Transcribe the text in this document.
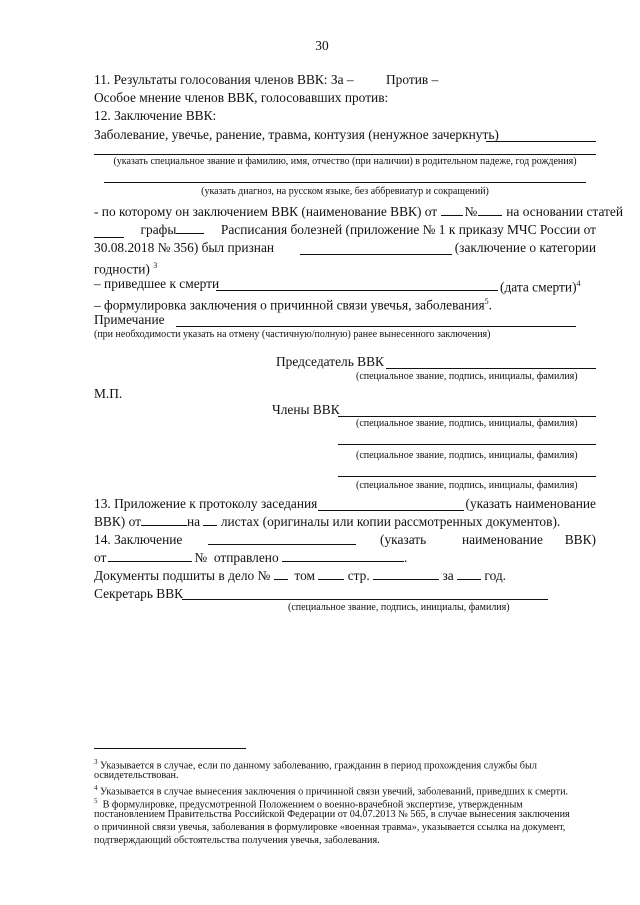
30
11. Результаты голосования членов ВВК: За – Против –
Особое мнение членов ВВК, голосовавших против:
12. Заключение ВВК:
Заболевание, увечье, ранение, травма, контузия (ненужное зачеркнуть)
(указать специальное звание и фамилию, имя, отчество (при наличии) в родительном падеже, год рождения)
(указать диагноз, на русском языке, без аббревиатур и сокращений)
- по которому он заключением ВВК (наименование ВВК) от № на основании статей
графы	Расписания болезней (приложение № 1 к приказу МЧС России от
30.08.2018 № 356) был признан	(заключение о категории
годности) $^3$
– приведшее к смерти	(дата смерти)$^4$
– формулировка заключения о причинной связи увечья, заболевания$^5$.
Примечание
(при необходимости указать на отмену (частичную/полную) ранее вынесенного заключения)
Председатель ВВК
(специальное звание, подпись, инициалы, фамилия)
М.П.
Члены ВВК
(специальное звание, подпись, инициалы, фамилия)
(специальное звание, подпись, инициалы, фамилия)
(специальное звание, подпись, инициалы, фамилия)
13. Приложение к протоколу заседания	(указать наименование
ВВК) от	на листах (оригиналы или копии рассмотренных документов).
14. Заключение	(указать	наименование ВВК)
от	№ отправлено	.
Документы подшиты в дело № том стр.	за год.
Секретарь ВВК
(специальное звание, подпись, инициалы, фамилия)
$^3$ Указывается в случае, если по данному заболеванию, гражданин в период прохождения службы был
освидетельствован.
$^4$ Указывается в случае вынесения заключения о причинной связи увечий, заболеваний, приведших к смерти.
$^5$ В формулировке, предусмотренной Положением о военно-врачебной экспертизе, утвержденным
постановлением Правительства Российской Федерации от 04.07.2013 № 565, в случае вынесения заключения
о причинной связи увечья, заболевания в формулировке «военная травма», указывается ссылка на документ,
подтверждающий обстоятельства получения увечья, заболевания.
